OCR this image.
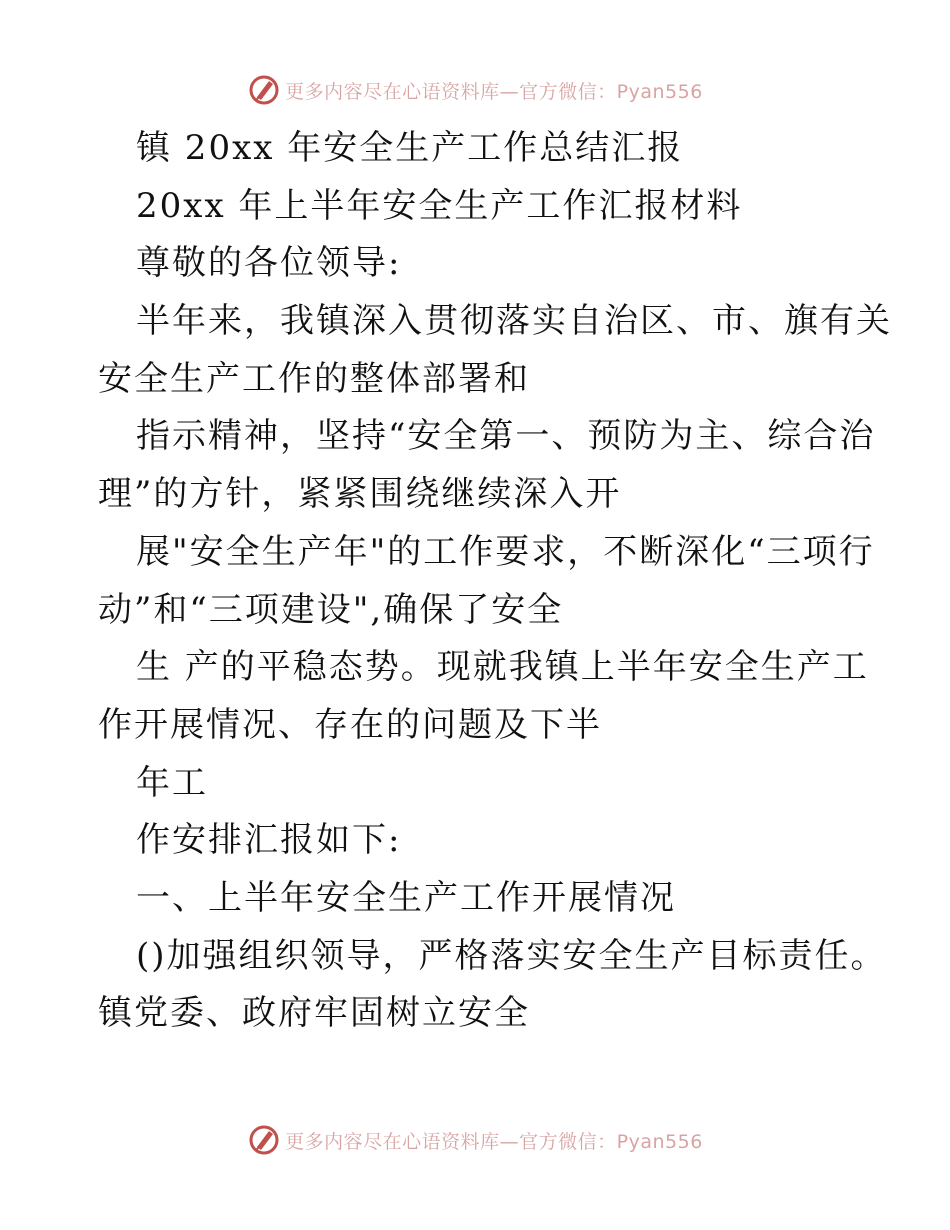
更多内容尽在心语资料库—官方微信：Pyan556
镇 20xx 年安全生产工作总结汇报
20xx 年上半年安全生产工作汇报材料
尊敬的各位领导:
半年来，我镇深入贯彻落实自治区、市、旗有关
安全生产工作的整体部署和
指示精神，坚持“安全第一、预防为主、综合治
理”的方针，紧紧围绕继续深入开
展"安全生产年"的工作要求，不断深化“三项行
动”和“三项建设",确保了安全
生 产的平稳态势。现就我镇上半年安全生产工
作开展情况、存在的问题及下半
年工
作安排汇报如下:
一、上半年安全生产工作开展情况
()加强组织领导，严格落实安全生产目标责任。
镇党委、政府牢固树立安全
更多内容尽在心语资料库—官方微信：Pyan556
